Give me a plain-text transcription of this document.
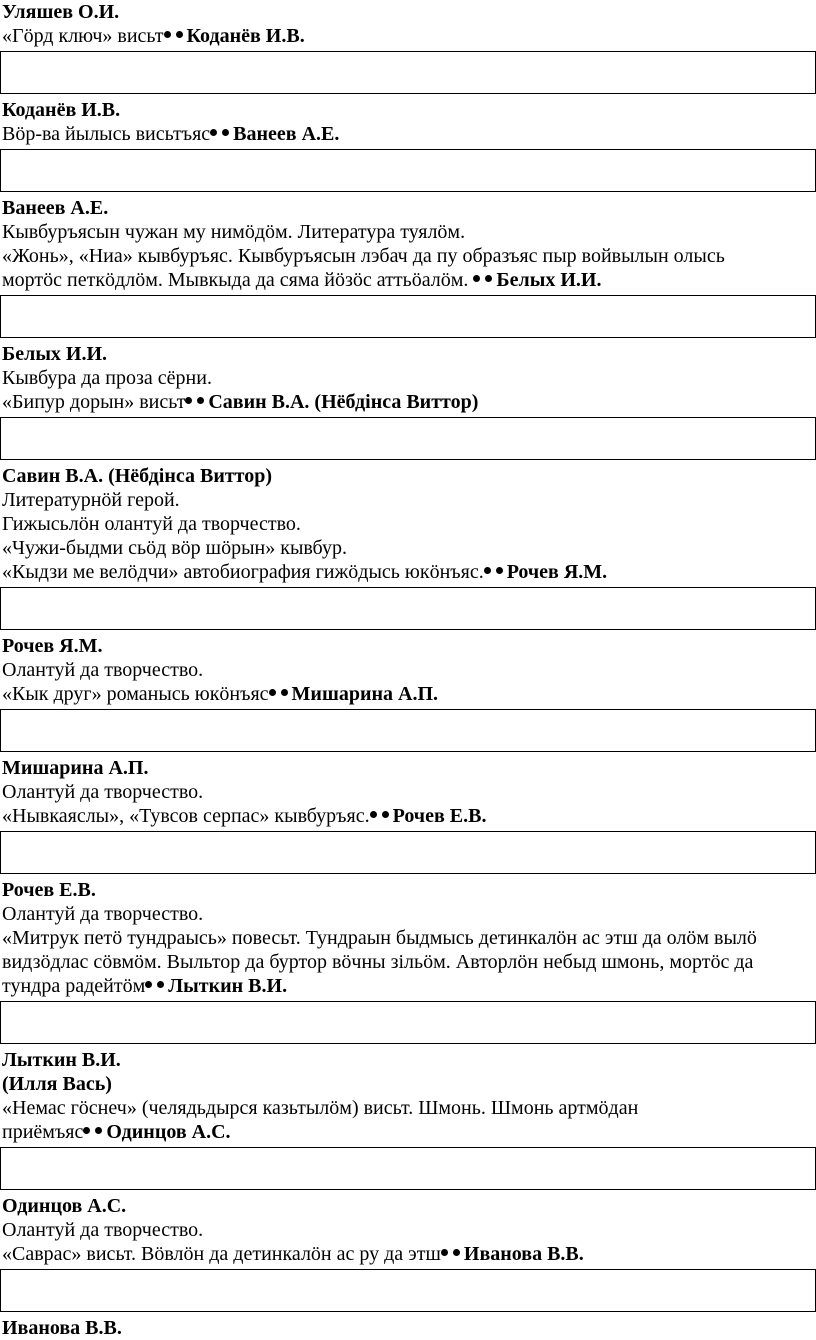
Уляшев О.И.
«Гӧрд ключ» висьт Коданёв И.В.
Коданёв И.В.
Вӧр-ва йылысь висьтъяс Ванеев А.Е.
Ванеев А.Е.
Кывбуръясын чужан му нимӧдӧм. Литература туялӧм.
«Жонь», «Ниа» кывбуръяс. Кывбуръясын лэбач да пу образъяс пыр войвылын олысь
мортӧс петкӧдлӧм. Мывкыда да сяма йӧзӧс аттьӧалӧм. Белых И.И.
Белых И.И.
Кывбура да проза сёрни.
«Бипур дорын» висьт Савин В.А. (Нёбдінса Виттор)
Савин В.А. (Нёбдінса Виттор)
Литературнӧй герой.
Гижысьлӧн олантуй да творчество.
«Чужи-быдми сьӧд вӧр шӧрын» кывбур.
«Кыдзи ме велӧдчи» автобиография гижӧдысь юкӧнъяс. Рочев Я.М.
Рочев Я.М.
Олантуй да творчество.
«Кык друг» романысь юкӧнъяс Мишарина А.П.
Мишарина А.П.
Олантуй да творчество.
«Нывкаяслы», «Тувсов серпас» кывбуръяс. Рочев Е.В.
Рочев Е.В.
Олантуй да творчество.
«Митрук петӧ тундраысь» повесьт. Тундраын быдмысь детинкалӧн ас этш да олӧм вылӧ
видзӧдлас сӧвмӧм. Выльтор да буртор вӧчны зільӧм. Авторлӧн небыд шмонь, мортӧс да
тундра радейтӧм Лыткин В.И.
Лыткин В.И.
(Илля Вась)
«Немас гӧснеч» (челядьдырся казьтылӧм) висьт. Шмонь. Шмонь артмӧдан
приёмъяс Одинцов А.С.
Одинцов А.С.
Олантуй да творчество.
«Саврас» висьт. Вӧвлӧн да детинкалӧн ас ру да этш Иванова В.В.
Иванова В.В.
